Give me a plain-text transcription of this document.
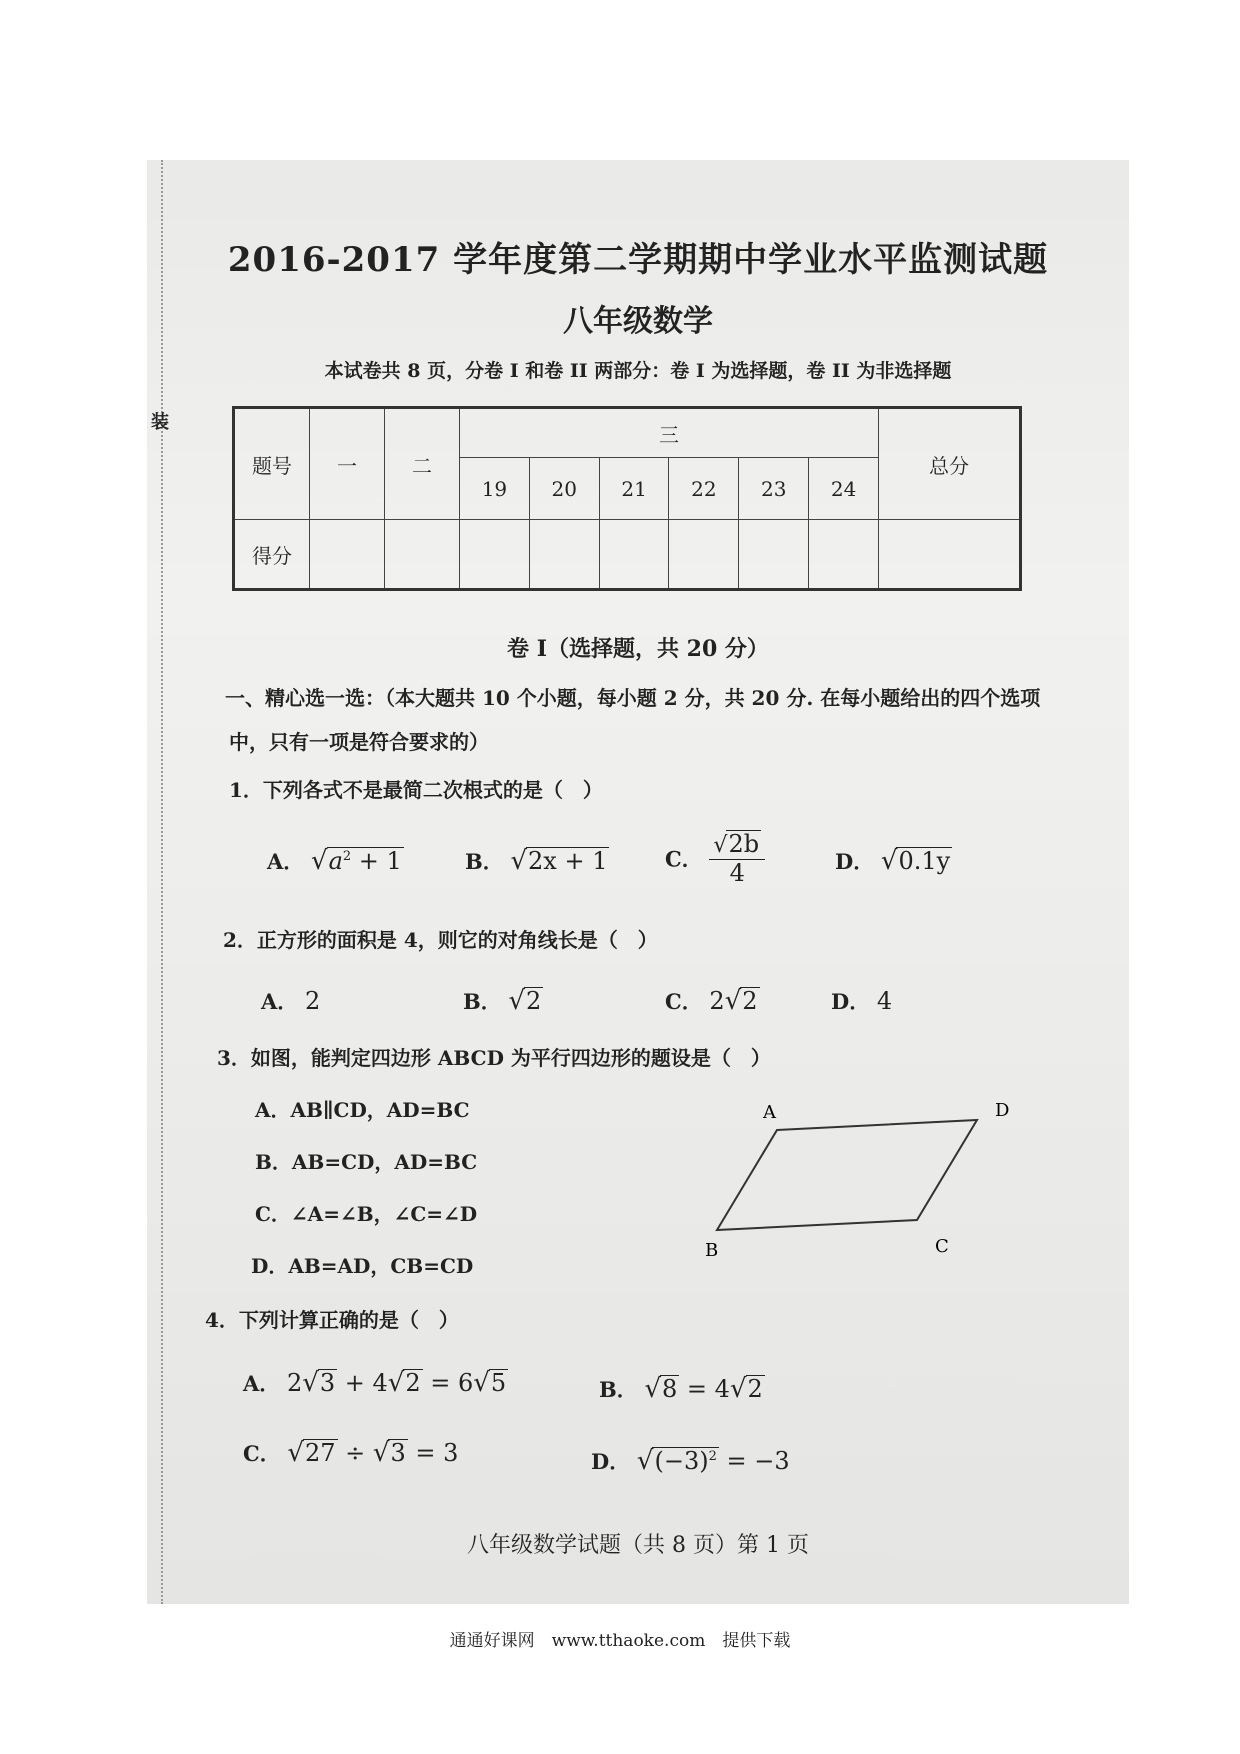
装
2016-2017 学年度第二学期期中学业水平监测试题
八年级数学
本试卷共 8 页，分卷 I 和卷 II 两部分：卷 I 为选择题，卷 II 为非选择题
题号	一	二	三						总分
			19	20	21	22	23	24	
得分									
卷 I（选择题，共 20 分）
一、精心选一选：（本大题共 10 个小题，每小题 2 分，共 20 分. 在每小题给出的四个选项
中，只有一项是符合要求的）
1．下列各式不是最简二次根式的是（　）
A． $√a^2 + 1$	B． √2x + 1	C． $\frac{√2b}{4}$	D． √0.1y
2．正方形的面积是 4，则它的对角线长是（　）
A． 2	B． √2	C． 2√2	D． 4
3．如图，能判定四边形 ABCD 为平行四边形的题设是（　）
A．AB∥CD，AD=BC
B．AB=CD，AD=BC
C．∠A=∠B，∠C=∠D
D．AB=AD，CB=CD
A	D
B	C
4．下列计算正确的是（　）
A． 2√3 + 4√2 = 6√5	B． √8 = 4√2
C． √27 ÷ √3 = 3	D． $√(-3)^2 = -3$
八年级数学试题（共 8 页）第 1 页
通通好课网　www.tthaoke.com　提供下载
